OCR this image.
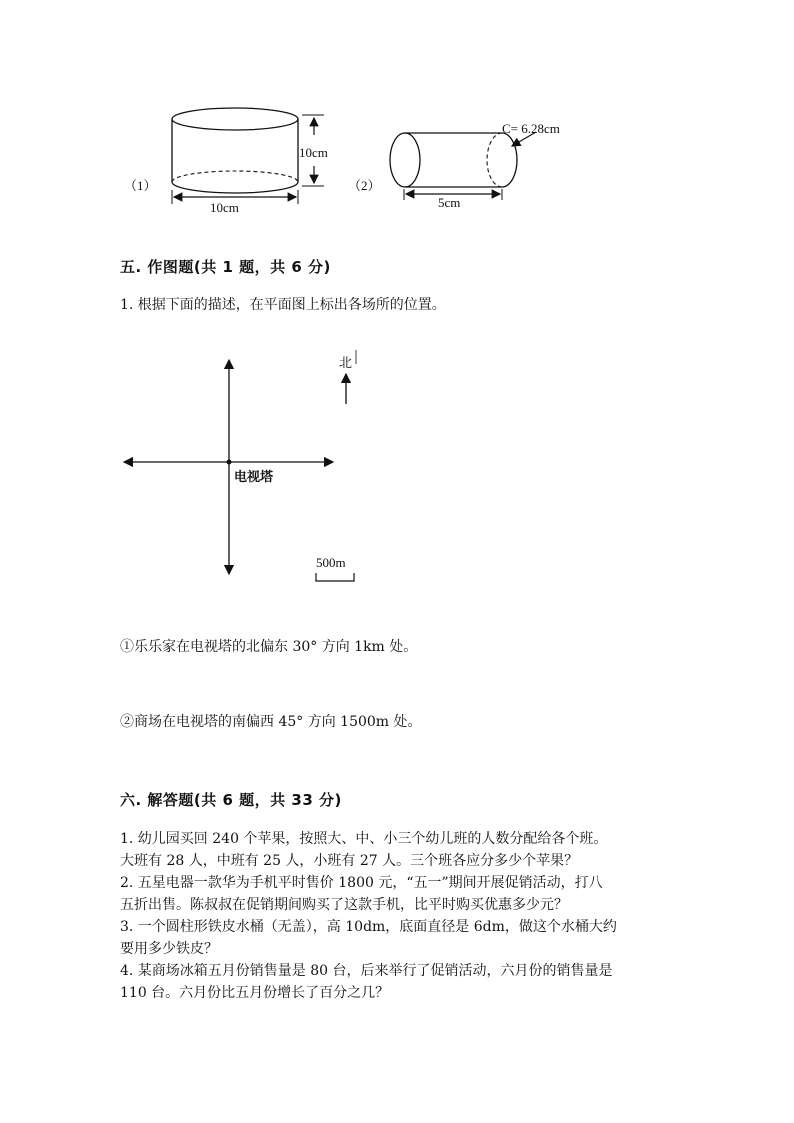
（1）
10cm
10cm
（2）
C= 6.28cm
5cm
五. 作图题(共 1 题，共 6 分)
1. 根据下面的描述，在平面图上标出各场所的位置。
北
电视塔
500m
①乐乐家在电视塔的北偏东 30° 方向 1km 处。
②商场在电视塔的南偏西 45° 方向 1500m 处。
六. 解答题(共 6 题，共 33 分)
1. 幼儿园买回 240 个苹果，按照大、中、小三个幼儿班的人数分配给各个班。
大班有 28 人，中班有 25 人，小班有 27 人。三个班各应分多少个苹果？
2. 五星电器一款华为手机平时售价 1800 元，“五一”期间开展促销活动，打八
五折出售。陈叔叔在促销期间购买了这款手机，比平时购买优惠多少元？
3. 一个圆柱形铁皮水桶（无盖），高 10dm，底面直径是 6dm，做这个水桶大约
要用多少铁皮？
4. 某商场冰箱五月份销售量是 80 台，后来举行了促销活动，六月份的销售量是
110 台。六月份比五月份增长了百分之几？
